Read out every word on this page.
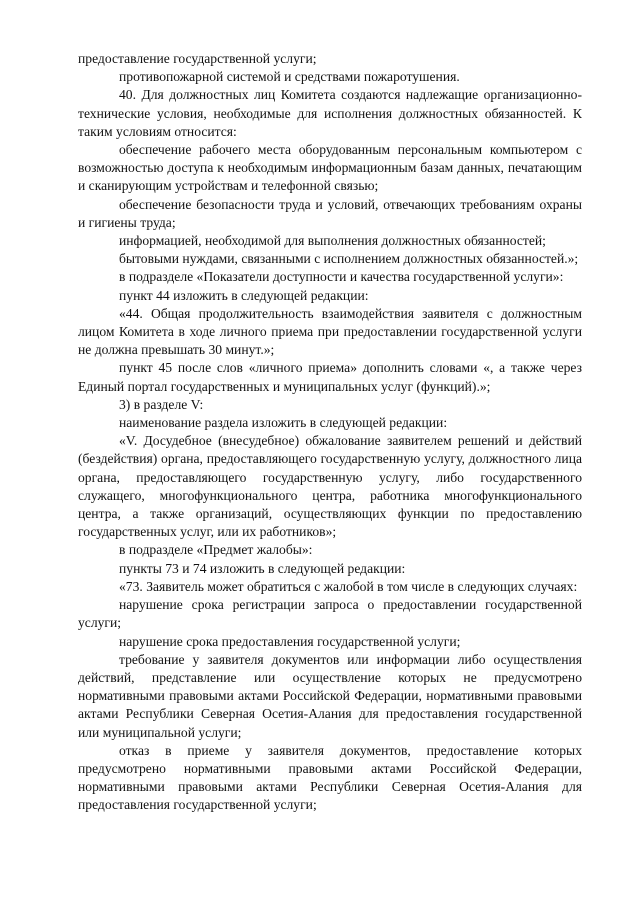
предоставление государственной услуги;

противопожарной системой и средствами пожаротушения.

40. Для должностных лиц Комитета создаются надлежащие организационно-технические условия, необходимые для исполнения должностных обязанностей. К таким условиям относится:

обеспечение рабочего места оборудованным персональным компьютером с возможностью доступа к необходимым информационным базам данных, печатающим и сканирующим устройствам и телефонной связью;

обеспечение безопасности труда и условий, отвечающих требованиям охраны и гигиены труда;

информацией, необходимой для выполнения должностных обязанностей;

бытовыми нуждами, связанными с исполнением должностных обязанностей.»;

в подразделе «Показатели доступности и качества государственной услуги»:

пункт 44 изложить в следующей редакции:

«44. Общая продолжительность взаимодействия заявителя с должностным лицом Комитета в ходе личного приема при предоставлении государственной услуги не должна превышать 30 минут.»;

пункт 45 после слов «личного приема» дополнить словами «, а также через Единый портал государственных и муниципальных услуг (функций).»;

3) в разделе V:

наименование раздела изложить в следующей редакции:

«V. Досудебное (внесудебное) обжалование заявителем решений и действий (бездействия) органа, предоставляющего государственную услугу, должностного лица органа, предоставляющего государственную услугу, либо государственного служащего, многофункционального центра, работника многофункционального центра, а также организаций, осуществляющих функции по предоставлению государственных услуг, или их работников»;

в подразделе «Предмет жалобы»:

пункты 73 и 74 изложить в следующей редакции:

«73. Заявитель может обратиться с жалобой в том числе в следующих случаях:

нарушение срока регистрации запроса о предоставлении государственной услуги;

нарушение срока предоставления государственной услуги;

требование у заявителя документов или информации либо осуществления действий, представление или осуществление которых не предусмотрено нормативными правовыми актами Российской Федерации, нормативными правовыми актами Республики Северная Осетия-Алания для предоставления государственной или муниципальной услуги;

отказ в приеме у заявителя документов, предоставление которых предусмотрено нормативными правовыми актами Российской Федерации, нормативными правовыми актами Республики Северная Осетия-Алания для предоставления государственной услуги;
